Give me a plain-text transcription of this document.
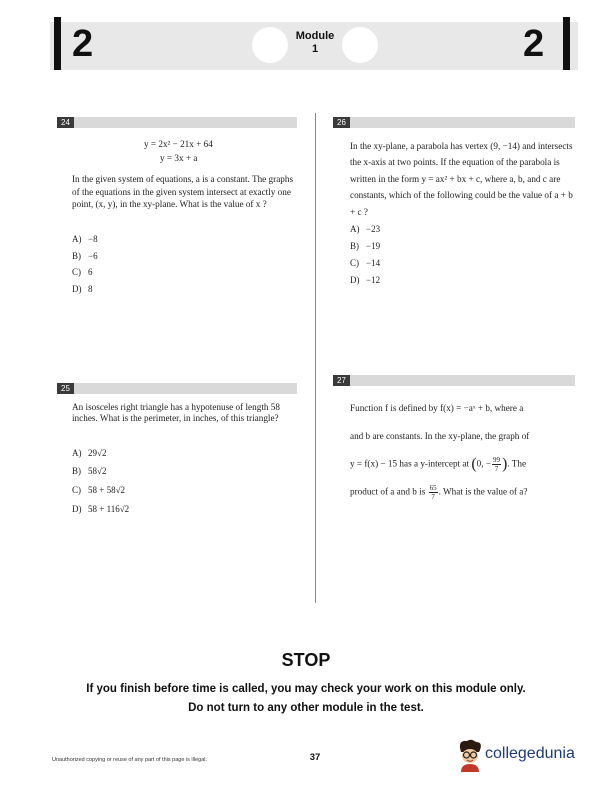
2	Module
1	2
24
y = 2x² − 21x + 64
y = 3x + a
In the given system of equations, a is a constant. The graphs of the equations in the given system intersect at exactly one point, (x, y), in the xy-plane. What is the value of x ?
A) −8
B) −6
C) 6
D) 8
25
An isosceles right triangle has a hypotenuse of length 58 inches. What is the perimeter, in inches, of this triangle?
A) 29√2
B) 58√2
C) 58 + 58√2
D) 58 + 116√2
26
In the xy-plane, a parabola has vertex (9, −14) and intersects the x-axis at two points. If the equation of the parabola is written in the form y = ax² + bx + c, where a, b, and c are constants, which of the following could be the value of a + b + c ?
A) −23
B) −19
C) −14
D) −12
27
Function f is defined by f(x) = −aˣ + b, where a
and b are constants. In the xy-plane, the graph of
y = f(x) − 15 has a y-intercept at (0, − $\frac{99}{7}$ ). The
product of a and b is $\frac{65}{7}$ . What is the value of a?
STOP
If you finish before time is called, you may check your work on this module only.
Do not turn to any other module in the test.
Unauthorized copying or reuse of any part of this page is illegal.	37	collegedunia
